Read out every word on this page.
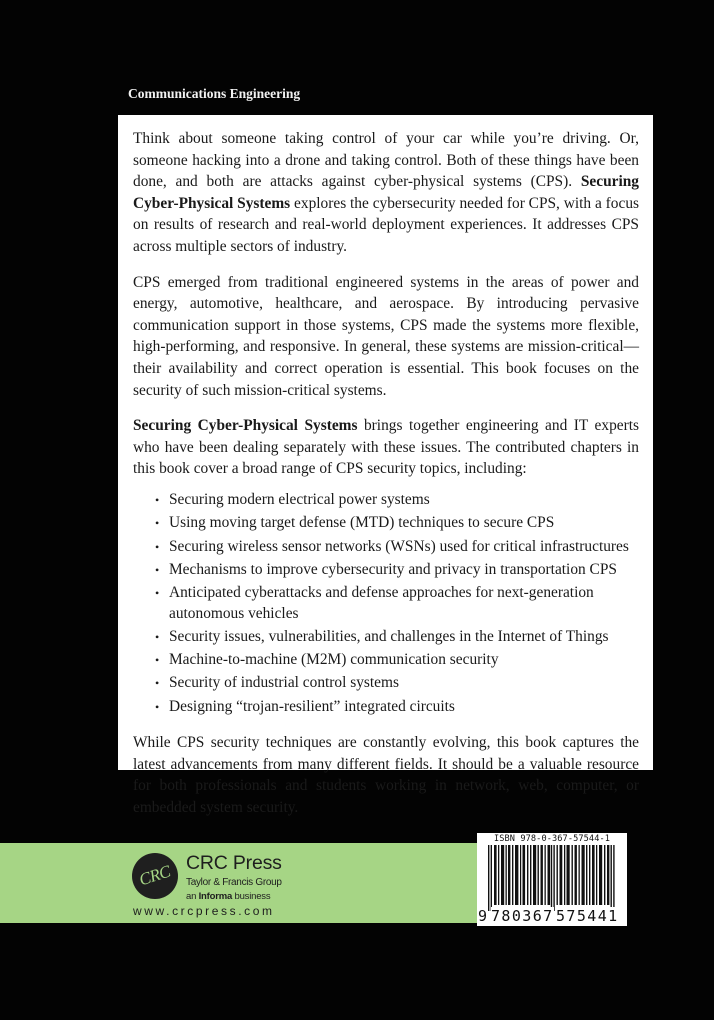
Communications Engineering

Think about someone taking control of your car while you’re driving. Or, someone hacking into a drone and taking control. Both of these things have been done, and both are attacks against cyber-physical systems (CPS). Securing Cyber-Physical Systems explores the cybersecurity needed for CPS, with a focus on results of research and real-world deployment experiences. It addresses CPS across multiple sectors of industry.

CPS emerged from traditional engineered systems in the areas of power and energy, automotive, healthcare, and aerospace. By introducing pervasive communication support in those systems, CPS made the systems more flexible, high-performing, and responsive. In general, these systems are mission-critical—their availability and correct operation is essential. This book focuses on the security of such mission-critical systems.

Securing Cyber-Physical Systems brings together engineering and IT experts who have been dealing separately with these issues. The contributed chapters in this book cover a broad range of CPS security topics, including:

• Securing modern electrical power systems
• Using moving target defense (MTD) techniques to secure CPS
• Securing wireless sensor networks (WSNs) used for critical infrastructures
• Mechanisms to improve cybersecurity and privacy in transportation CPS
• Anticipated cyberattacks and defense approaches for next-generation autonomous vehicles
• Security issues, vulnerabilities, and challenges in the Internet of Things
• Machine-to-machine (M2M) communication security
• Security of industrial control systems
• Designing “trojan-resilient” integrated circuits

While CPS security techniques are constantly evolving, this book captures the latest advancements from many different fields. It should be a valuable resource for both professionals and students working in network, web, computer, or embedded system security.

CRC CRC Press
Taylor & Francis Group
an Informa business
www.crcpress.com
ISBN 978-0-367-57544-1
9 780367 575441
